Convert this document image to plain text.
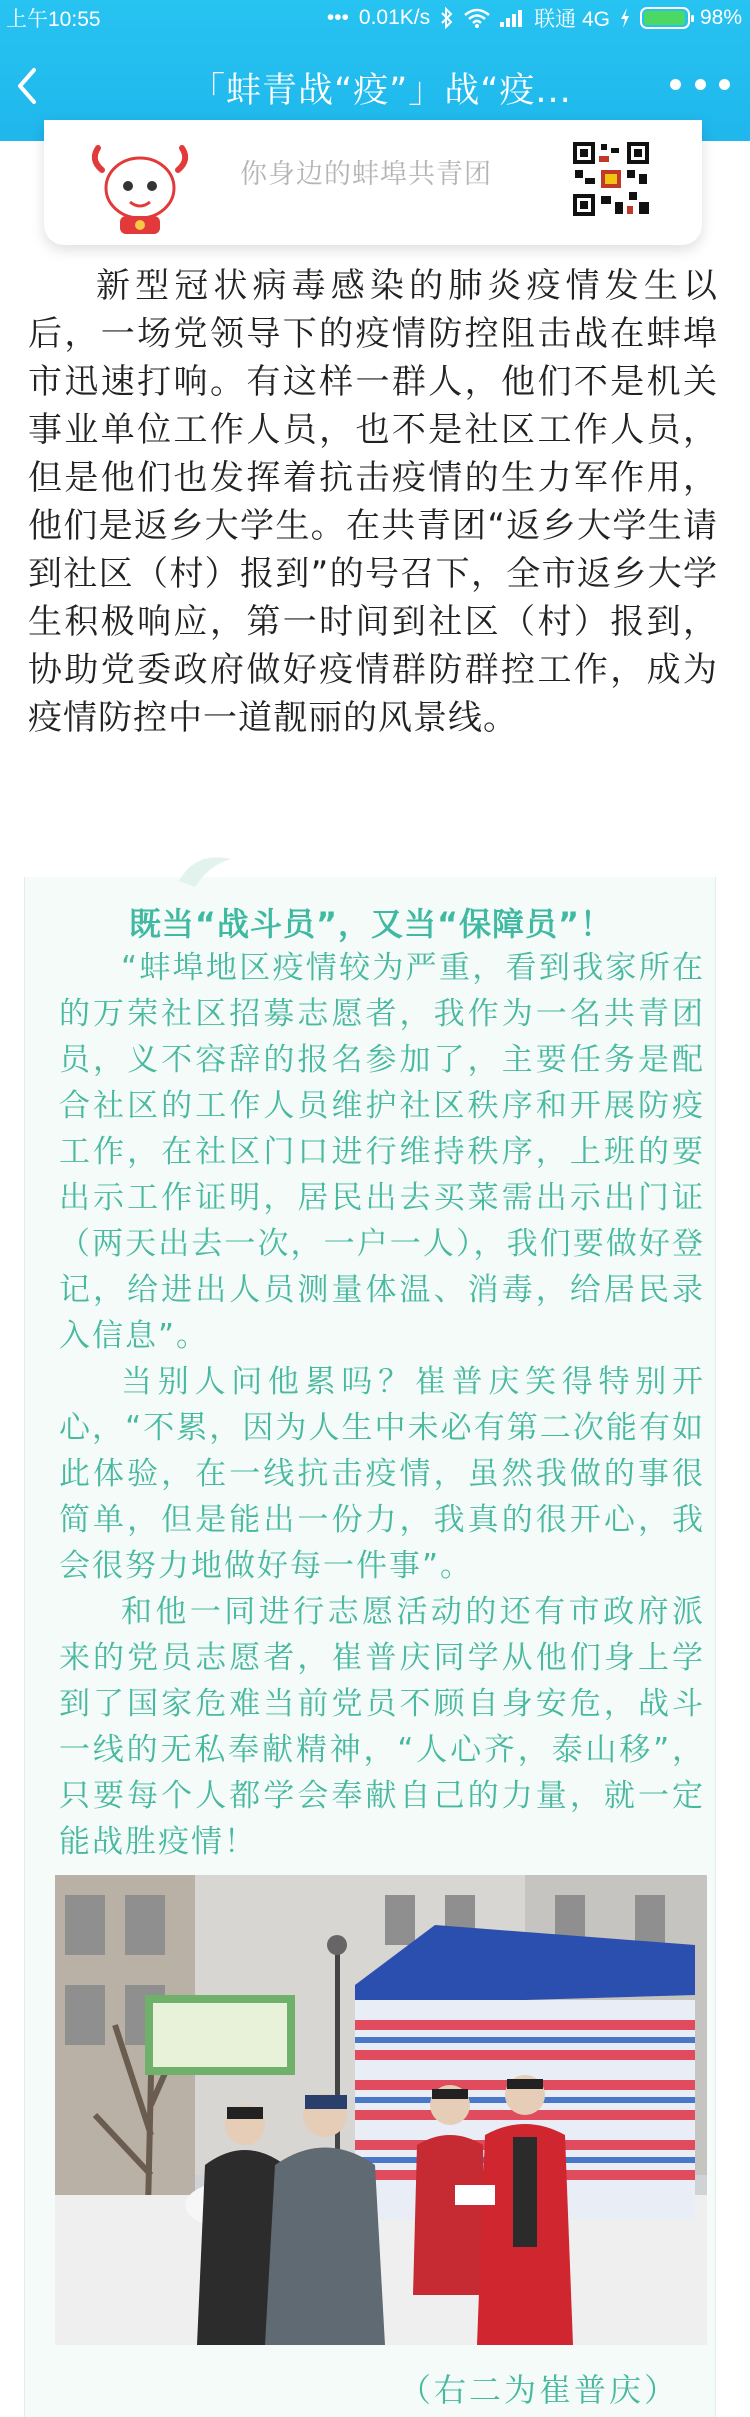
上午10:55	••• 0.01K/s	联通 4G	98%
「蚌青战“疫”」战“疫...
你身边的蚌埠共青团

新型冠状病毒感染的肺炎疫情发生以后，一场党领导下的疫情防控阻击战在蚌埠市迅速打响。有这样一群人，他们不是机关事业单位工作人员，也不是社区工作人员，但是他们也发挥着抗击疫情的生力军作用，他们是返乡大学生。在共青团“返乡大学生请到社区（村）报到”的号召下，全市返乡大学生积极响应，第一时间到社区（村）报到，协助党委政府做好疫情群防群控工作，成为疫情防控中一道靓丽的风景线。

既当“战斗员”，又当“保障员”！

“蚌埠地区疫情较为严重，看到我家所在的万荣社区招募志愿者，我作为一名共青团员，义不容辞的报名参加了，主要任务是配合社区的工作人员维护社区秩序和开展防疫工作，在社区门口进行维持秩序，上班的要出示工作证明，居民出去买菜需出示出门证（两天出去一次，一户一人），我们要做好登记，给进出人员测量体温、消毒，给居民录入信息”。

当别人问他累吗？崔普庆笑得特别开心，“不累，因为人生中未必有第二次能有如此体验，在一线抗击疫情，虽然我做的事很简单，但是能出一份力，我真的很开心，我会很努力地做好每一件事”。

和他一同进行志愿活动的还有市政府派来的党员志愿者，崔普庆同学从他们身上学到了国家危难当前党员不顾自身安危，战斗一线的无私奉献精神，“人心齐，泰山移”，只要每个人都学会奉献自己的力量，就一定能战胜疫情！

（右二为崔普庆）
